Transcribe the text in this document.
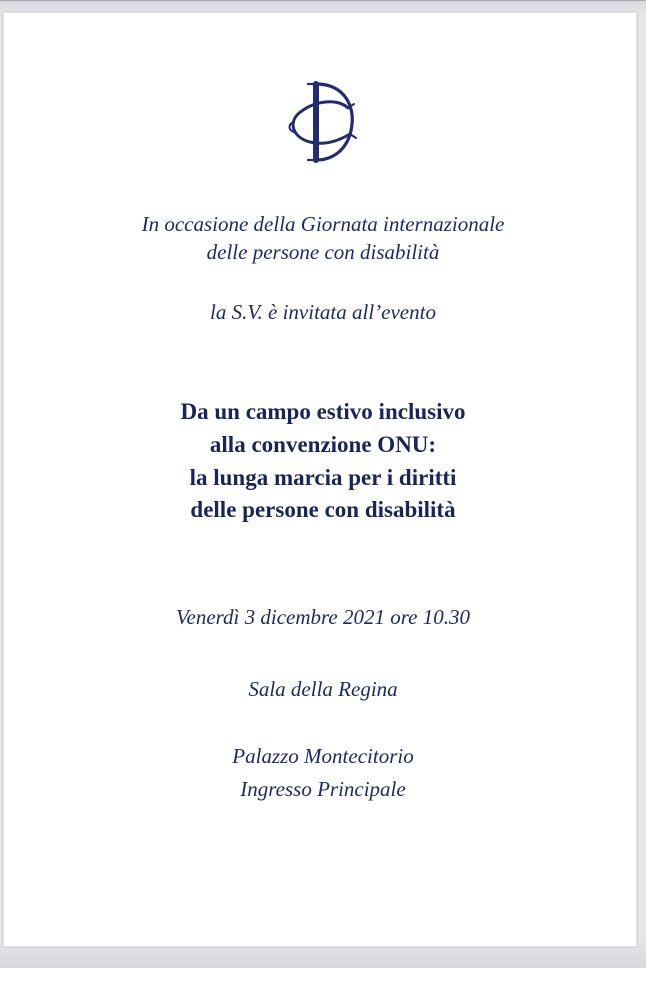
In occasione della Giornata internazionale
delle persone con disabilità
la S.V. è invitata all’evento
Da un campo estivo inclusivo
alla convenzione ONU:
la lunga marcia per i diritti
delle persone con disabilità
Venerdì 3 dicembre 2021 ore 10.30
Sala della Regina
Palazzo Montecitorio
Ingresso Principale
